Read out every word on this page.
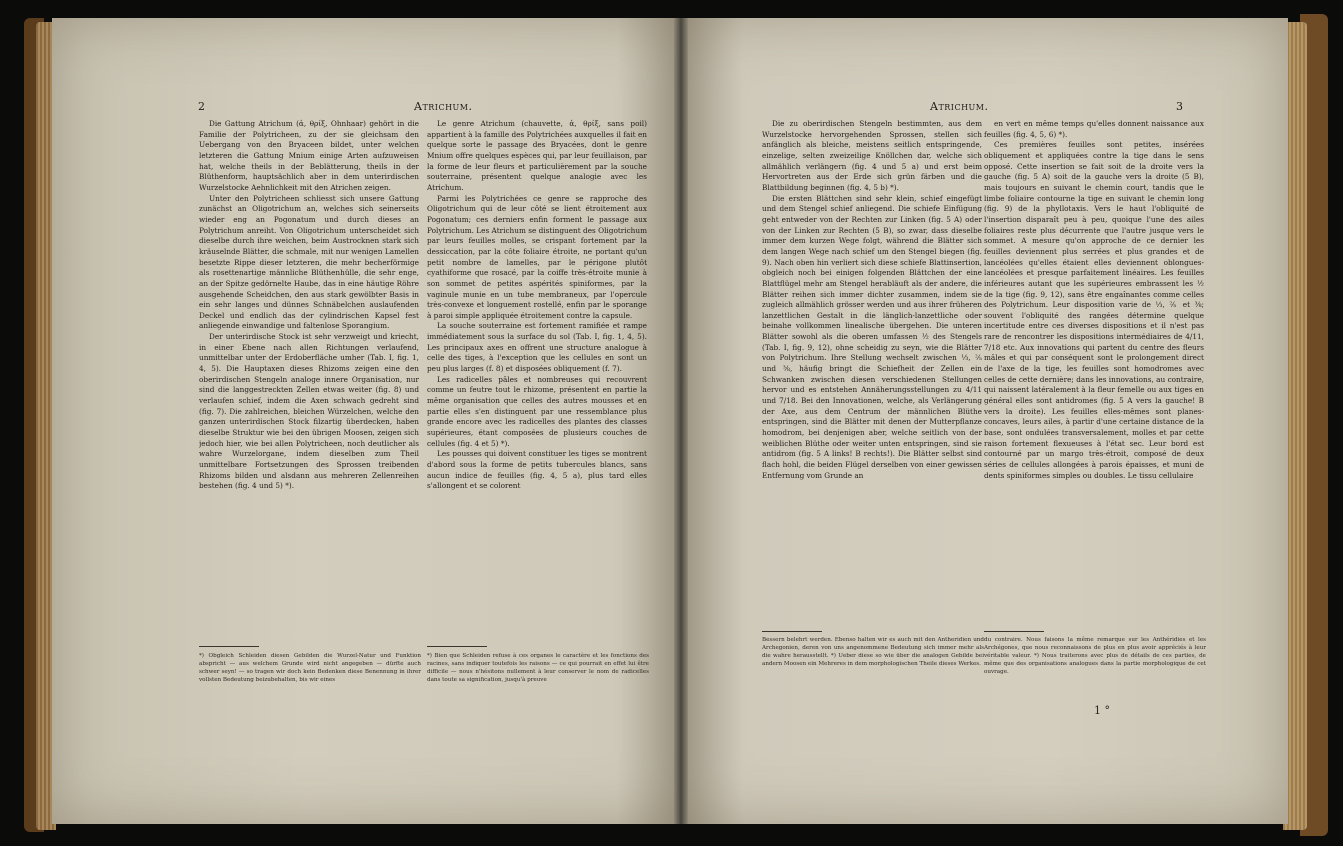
2	Atrichum.

Die Gattung Atrichum (ἀ, θρίξ, Ohnhaar) gehört in die Familie der Polytricheen, zu der sie gleichsam den Uebergang von den Bryaceen bildet, unter welchen letzteren die Gattung Mnium einige Arten aufzuweisen hat, welche theils in der Beblätterung, theils in der Blüthenform, hauptsächlich aber in dem unterirdischen Wurzelstocke Aehnlichkeit mit den Atrichen zeigen.

Unter den Polytricheen schliesst sich unsere Gattung zunächst an Oligotrichum an, welches sich seinerseits wieder eng an Pogonatum und durch dieses an Polytrichum anreiht. Von Oligotrichum unterscheidet sich dieselbe durch ihre weichen, beim Austrocknen stark sich kräuselnde Blätter, die schmale, mit nur wenigen Lamellen besetzte Rippe dieser letzteren, die mehr becherförmige als rosettenartige männliche Blüthenhülle, die sehr enge, an der Spitze gedörnelte Haube, das in eine häutige Röhre ausgehende Scheidchen, den aus stark gewölbter Basis in ein sehr langes und dünnes Schnäbelchen auslaufenden Deckel und endlich das der cylindrischen Kapsel fest anliegende einwandige und faltenlose Sporangium.

Der unterirdische Stock ist sehr verzweigt und kriecht, in einer Ebene nach allen Richtungen verlaufend, unmittelbar unter der Erdoberfläche umher (Tab. I, fig. 1, 4, 5). Die Hauptaxen dieses Rhizoms zeigen eine den oberirdischen Stengeln analoge innere Organisation, nur sind die langgestreckten Zellen etwas weiter (fig. 8) und verlaufen schief, indem die Axen schwach gedreht sind (fig. 7). Die zahlreichen, bleichen Würzelchen, welche den ganzen unterirdischen Stock filzartig überdecken, haben dieselbe Struktur wie bei den übrigen Moosen, zeigen sich jedoch hier, wie bei allen Polytricheen, noch deutlicher als wahre Wurzelorgane, indem dieselben zum Theil unmittelbare Fortsetzungen des Sprossen treibenden Rhizoms bilden und alsdann aus mehreren Zellenreihen bestehen (fig. 4 und 5) *).

Le genre Atrichum (chauvette, ἀ, θρίξ, sans poil) appartient à la famille des Polytrichées auxquelles il fait en quelque sorte le passage des Bryacées, dont le genre Mnium offre quelques espèces qui, par leur feuillaison, par la forme de leur fleurs et particulièrement par la souche souterraine, présentent quelque analogie avec les Atrichum.

Parmi les Polytrichées ce genre se rapproche des Oligotrichum qui de leur côté se lient étroitement aux Pogonatum; ces derniers enfin forment le passage aux Polytrichum. Les Atrichum se distinguent des Oligotrichum par leurs feuilles molles, se crispant fortement par la dessiccation, par la côte foliaire étroite, ne portant qu'un petit nombre de lamelles, par le périgone plutôt cyathiforme que rosacé, par la coiffe très-étroite munie à son sommet de petites aspérités spiniformes, par la vaginule munie en un tube membraneux, par l'opercule très-convexe et longuement rostellé, enfin par le sporange à paroi simple appliquée étroitement contre la capsule.

La souche souterraine est fortement ramifiée et rampe immédiatement sous la surface du sol (Tab. I, fig. 1, 4, 5). Les principaux axes en offrent une structure analogue à celle des tiges, à l'exception que les cellules en sont un peu plus larges (f. 8) et disposées obliquement (f. 7).

Les radicelles pâles et nombreuses qui recouvrent comme un feutre tout le rhizome, présentent en partie la même organisation que celles des autres mousses et en partie elles s'en distinguent par une ressemblance plus grande encore avec les radicelles des plantes des classes supérieures, étant composées de plusieurs couches de cellules (fig. 4 et 5) *).

Les pousses qui doivent constituer les tiges se montrent d'abord sous la forme de petits tubercules blancs, sans aucun indice de feuilles (fig. 4, 5 a), plus tard elles s'allongent et se colorent

*) Obgleich Schleiden diesen Gebilden die Wurzel-Natur und Funktion abspricht — aus welchem Grunde wird nicht angegeben — dürfte auch schwer seyn! — so tragen wir doch kein Bedenken diese Benennung in ihrer vollsten Bedeutung beizubehalten, bis wir eines
*) Bien que Schleiden refuse à ces organes le caractère et les fonctions des racines, sans indiquer toutefois les raisons — ce qui pourrait en effet lui être difficile — nous n'hésitons nullement à leur conserver le nom de radicelles dans toute sa signification, jusqu'à preuve
Atrichum.	3

Die zu oberirdischen Stengeln bestimmten, aus dem Wurzelstocke hervorgehenden Sprossen, stellen sich anfänglich als bleiche, meistens seitlich entspringende, einzelige, selten zweizeilige Knöllchen dar, welche sich allmählich verlängern (fig. 4 und 5 a) und erst beim Hervortreten aus der Erde sich grün färben und die Blattbildung beginnen (fig. 4, 5 b) *).

Die ersten Blättchen sind sehr klein, schief eingefügt und dem Stengel schief anliegend. Die schiefe Einfügung geht entweder von der Rechten zur Linken (fig. 5 A) oder von der Linken zur Rechten (5 B), so zwar, dass dieselbe immer dem kurzen Wege folgt, während die Blätter sich dem langen Wege nach schief um den Stengel biegen (fig. 9). Nach oben hin verliert sich diese schiefe Blattinsertion, obgleich noch bei einigen folgenden Blättchen der eine Blattflügel mehr am Stengel herabläuft als der andere, die Blätter reihen sich immer dichter zusammen, indem sie zugleich allmählich grösser werden und aus ihrer früheren lanzettlichen Gestalt in die länglich-lanzettliche oder beinahe vollkommen linealische übergehen. Die unteren Blätter sowohl als die oberen umfassen ½ des Stengels (Tab. I, fig. 9, 12), ohne scheidig zu seyn, wie die Blätter von Polytrichum. Ihre Stellung wechselt zwischen ⅓, ⅖ und ⅜, häufig bringt die Schiefheit der Zellen ein Schwanken zwischen diesen verschiedenen Stellungen hervor und es entstehen Annäherungsstellungen zu 4/11 und 7/18. Bei den Innovationen, welche, als Verlängerung der Axe, aus dem Centrum der männlichen Blüthe entspringen, sind die Blätter mit denen der Mutterpflanze homodrom, bei denjenigen aber, welche seitlich von der weiblichen Blüthe oder weiter unten entspringen, sind sie antidrom (fig. 5 A links! B rechts!). Die Blätter selbst sind flach hohl, die beiden Flügel derselben von einer gewissen Entfernung vom Grunde an

en vert en même temps qu'elles donnent naissance aux feuilles (fig. 4, 5, 6) *).

Ces premières feuilles sont petites, insérées obliquement et appliquées contre la tige dans le sens opposé. Cette insertion se fait soit de la droite vers la gauche (fig. 5 A) soit de la gauche vers la droite (5 B), mais toujours en suivant le chemin court, tandis que le limbe foliaire contourne la tige en suivant le chemin long (fig. 9) de la phyllotaxis. Vers le haut l'obliquité de l'insertion disparaît peu à peu, quoique l'une des ailes foliaires reste plus décurrente que l'autre jusque vers le sommet. A mesure qu'on approche de ce dernier les feuilles deviennent plus serrées et plus grandes et de lancéolées qu'elles étaient elles deviennent oblongues-lancéolées et presque parfaitement linéaires. Les feuilles inférieures autant que les supérieures embrassent les ½ de la tige (fig. 9, 12), sans être engaînantes comme celles des Polytrichum. Leur disposition varie de ⅓, ⅖ et ⅜; souvent l'obliquité des rangées détermine quelque incertitude entre ces diverses dispositions et il n'est pas rare de rencontrer les dispositions intermédiaires de 4/11, 7/18 etc. Aux innovations qui partent du centre des fleurs mâles et qui par conséquent sont le prolongement direct de l'axe de la tige, les feuilles sont homodromes avec celles de cette dernière; dans les innovations, au contraire, qui naissent latéralement à la fleur femelle ou aux tiges en général elles sont antidromes (fig. 5 A vers la gauche! B vers la droite). Les feuilles elles-mêmes sont planes-concaves, leurs ailes, à partir d'une certaine distance de la base, sont ondulées transversalement, molles et par cette raison fortement flexueuses à l'état sec. Leur bord est contourné par un margo très-étroit, composé de deux séries de cellules allongées à parois épaisses, et muni de dents spiniformes simples ou doubles. Le tissu cellulaire

Bessern belehrt werden. Ebenso halten wir es auch mit den Antheridien und Archegonien, deren von uns angenommene Bedeutung sich immer mehr als die wahre herausstellt. *) Ueber diese so wie über die analogen Gebilde bei andern Moosen ein Mehreres in dem morphologischen Theile dieses Werkes.
du contraire. Nous faisons la même remarque sur les Anthéridies et les Archégones, que nous reconnaissons de plus en plus avoir appréciés à leur véritable valeur. *) Nous traiterons avec plus de détails de ces parties, de même que des organisations analogues dans la partie morphologique de cet ouvrage.
1 °
